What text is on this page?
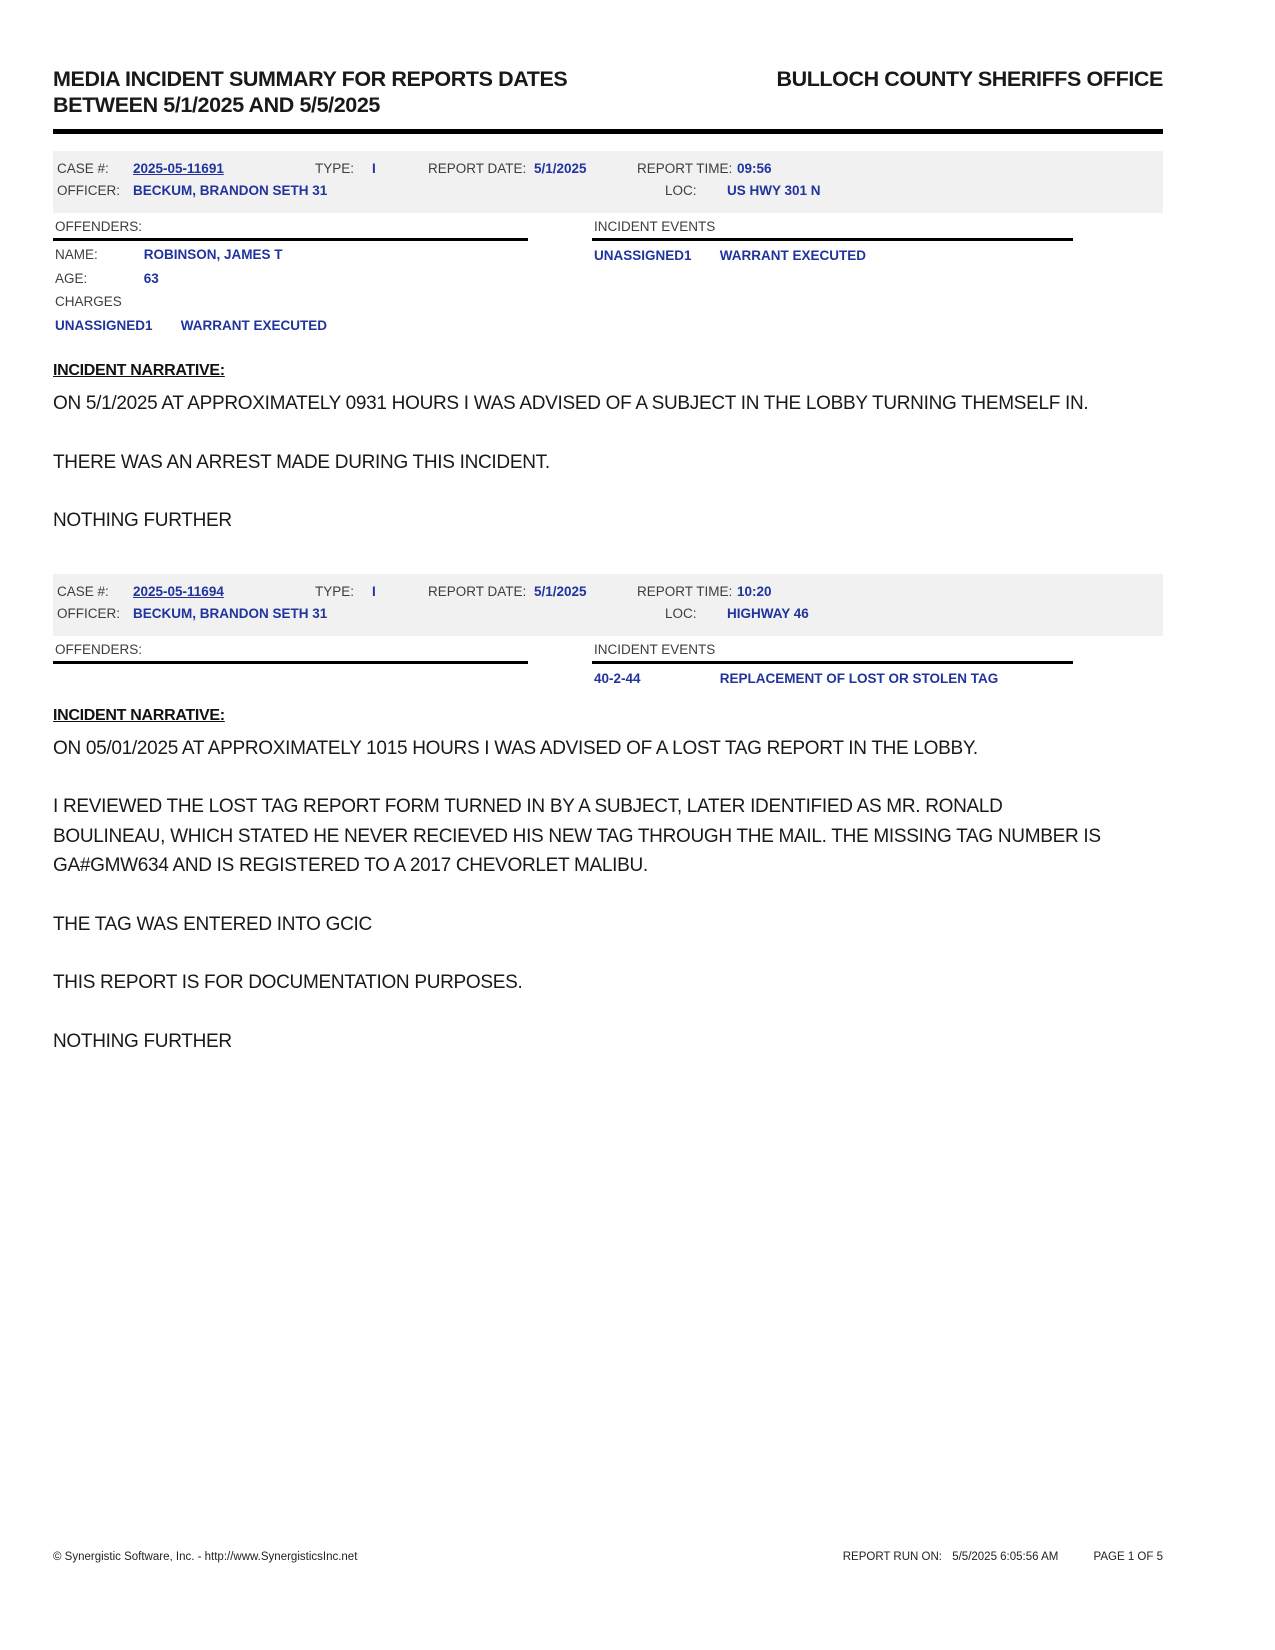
MEDIA INCIDENT SUMMARY FOR REPORTS DATES
BETWEEN 5/1/2025 AND 5/5/2025
BULLOCH COUNTY SHERIFFS OFFICE
CASE #: 2025-05-11691	TYPE: I	REPORT DATE: 5/1/2025	REPORT TIME: 09:56
OFFICER: BECKUM, BRANDON SETH 31	LOC: US HWY 301 N
OFFENDERS:
NAME:	ROBINSON, JAMES T
AGE:	63
CHARGES
UNASSIGNED1 WARRANT EXECUTED
INCIDENT EVENTS
UNASSIGNED1 WARRANT EXECUTED
INCIDENT NARRATIVE:

ON 5/1/2025 AT APPROXIMATELY 0931 HOURS I WAS ADVISED OF A SUBJECT IN THE LOBBY TURNING THEMSELF IN.

THERE WAS AN ARREST MADE DURING THIS INCIDENT.

NOTHING FURTHER

CASE #: 2025-05-11694	TYPE: I	REPORT DATE: 5/1/2025	REPORT TIME: 10:20
OFFICER: BECKUM, BRANDON SETH 31	LOC: HIGHWAY 46
OFFENDERS:	INCIDENT EVENTS
40-2-44	REPLACEMENT OF LOST OR STOLEN TAG
INCIDENT NARRATIVE:

ON 05/01/2025 AT APPROXIMATELY 1015 HOURS I WAS ADVISED OF A LOST TAG REPORT IN THE LOBBY.

I REVIEWED THE LOST TAG REPORT FORM TURNED IN BY A SUBJECT, LATER IDENTIFIED AS MR. RONALD BOULINEAU, WHICH STATED HE NEVER RECIEVED HIS NEW TAG THROUGH THE MAIL. THE MISSING TAG NUMBER IS GA#GMW634 AND IS REGISTERED TO A 2017 CHEVORLET MALIBU.

THE TAG WAS ENTERED INTO GCIC

THIS REPORT IS FOR DOCUMENTATION PURPOSES.

NOTHING FURTHER

© Synergistic Software, Inc. - http://www.SynergisticsInc.net	REPORT RUN ON: 5/5/2025 6:05:56 AM	PAGE 1 OF 5
